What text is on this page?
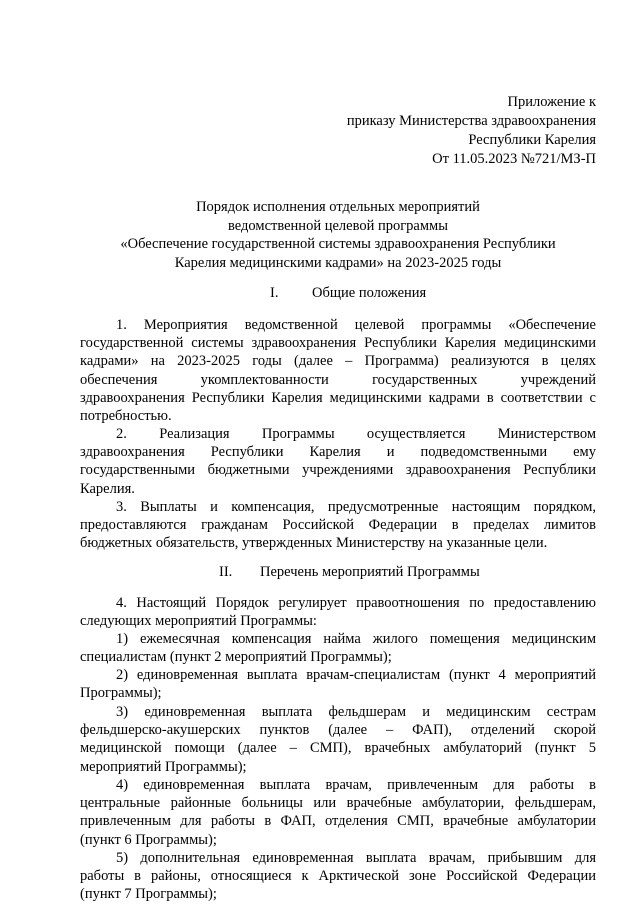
Приложение к
приказу Министерства здравоохранения
Республики Карелия
От 11.05.2023 №721/МЗ-П
Порядок исполнения отдельных мероприятий
ведомственной целевой программы
«Обеспечение государственной системы здравоохранения Республики
Карелия медицинскими кадрами» на 2023-2025 годы
I. Общие положения
1. Мероприятия ведомственной целевой программы «Обеспечение
государственной системы здравоохранения Республики Карелия медицинскими
кадрами» на 2023-2025 годы (далее – Программа) реализуются в целях
обеспечения укомплектованности государственных учреждений
здравоохранения Республики Карелия медицинскими кадрами в соответствии с
потребностью.
2. Реализация Программы осуществляется Министерством
здравоохранения Республики Карелия и подведомственными ему
государственными бюджетными учреждениями здравоохранения Республики
Карелия.
3. Выплаты и компенсация, предусмотренные настоящим порядком,
предоставляются гражданам Российской Федерации в пределах лимитов
бюджетных обязательств, утвержденных Министерству на указанные цели.
II. Перечень мероприятий Программы
4. Настоящий Порядок регулирует правоотношения по предоставлению
следующих мероприятий Программы:
1) ежемесячная компенсация найма жилого помещения медицинским
специалистам (пункт 2 мероприятий Программы);
2) единовременная выплата врачам-специалистам (пункт 4 мероприятий
Программы);
3) единовременная выплата фельдшерам и медицинским сестрам
фельдшерско-акушерских пунктов (далее – ФАП), отделений скорой
медицинской помощи (далее – СМП), врачебных амбулаторий (пункт 5
мероприятий Программы);
4) единовременная выплата врачам, привлеченным для работы в
центральные районные больницы или врачебные амбулатории, фельдшерам,
привлеченным для работы в ФАП, отделения СМП, врачебные амбулатории
(пункт 6 Программы);
5) дополнительная единовременная выплата врачам, прибывшим для
работы в районы, относящиеся к Арктической зоне Российской Федерации
(пункт 7 Программы);
